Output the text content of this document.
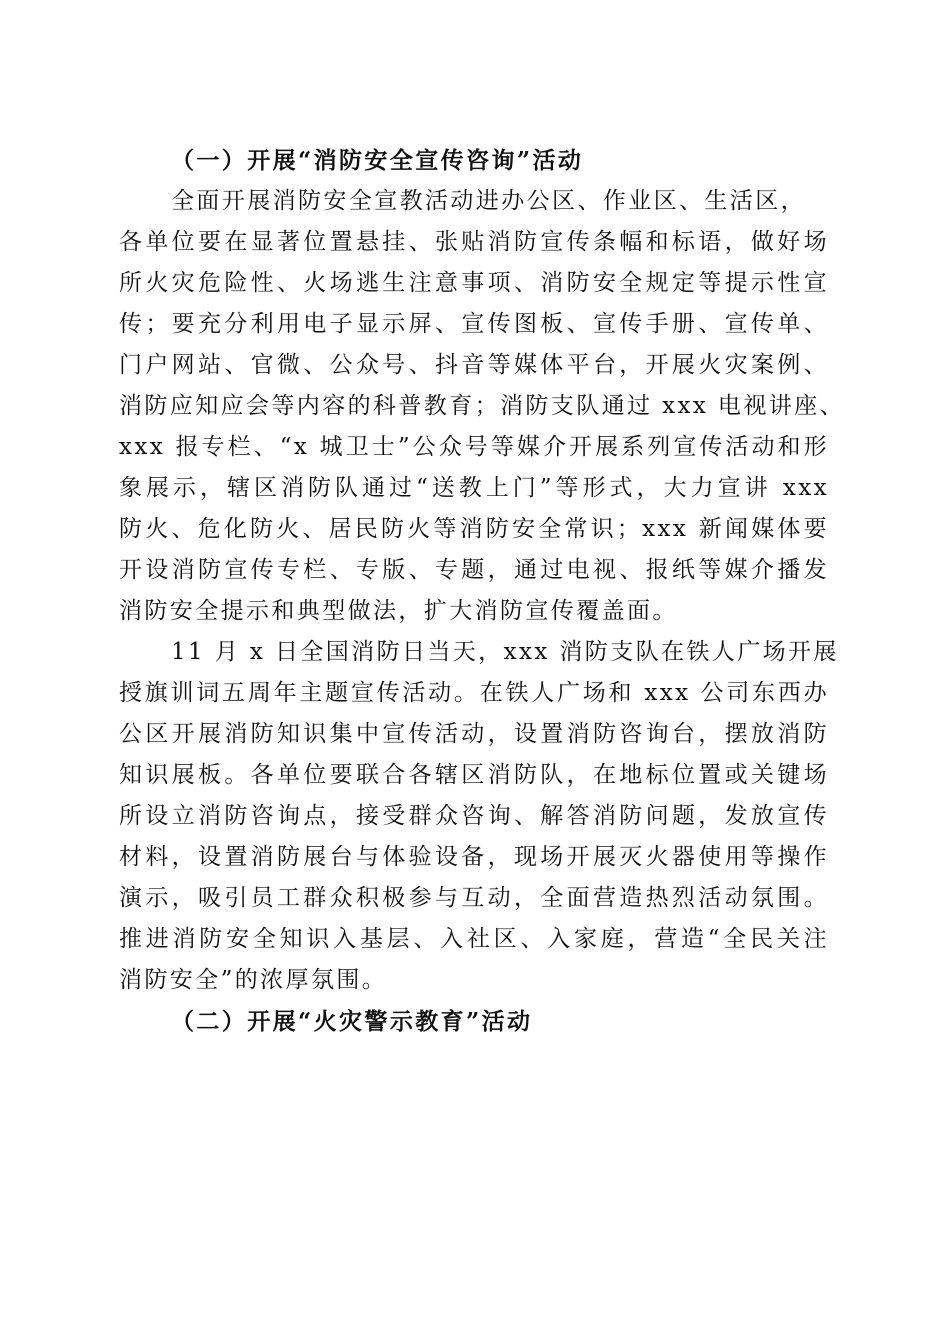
（一）开展“消防安全宣传咨询”活动
全面开展消防安全宣教活动进办公区、作业区、生活区，
各单位要在显著位置悬挂、张贴消防宣传条幅和标语，做好场
所火灾危险性、火场逃生注意事项、消防安全规定等提示性宣
传；要充分利用电子显示屏、宣传图板、宣传手册、宣传单、
门户网站、官微、公众号、抖音等媒体平台，开展火灾案例、
消防应知应会等内容的科普教育；消防支队通过 xxx 电视讲座、
xxx 报专栏、“x 城卫士”公众号等媒介开展系列宣传活动和形
象展示，辖区消防队通过“送教上门”等形式，大力宣讲 xxx
防火、危化防火、居民防火等消防安全常识；xxx 新闻媒体要
开设消防宣传专栏、专版、专题，通过电视、报纸等媒介播发
消防安全提示和典型做法，扩大消防宣传覆盖面。
11 月 x 日全国消防日当天，xxx 消防支队在铁人广场开展
授旗训词五周年主题宣传活动。在铁人广场和 xxx 公司东西办
公区开展消防知识集中宣传活动，设置消防咨询台，摆放消防
知识展板。各单位要联合各辖区消防队，在地标位置或关键场
所设立消防咨询点，接受群众咨询、解答消防问题，发放宣传
材料，设置消防展台与体验设备，现场开展灭火器使用等操作
演示，吸引员工群众积极参与互动，全面营造热烈活动氛围。
推进消防安全知识入基层、入社区、入家庭，营造“全民关注
消防安全”的浓厚氛围。
（二）开展“火灾警示教育”活动
